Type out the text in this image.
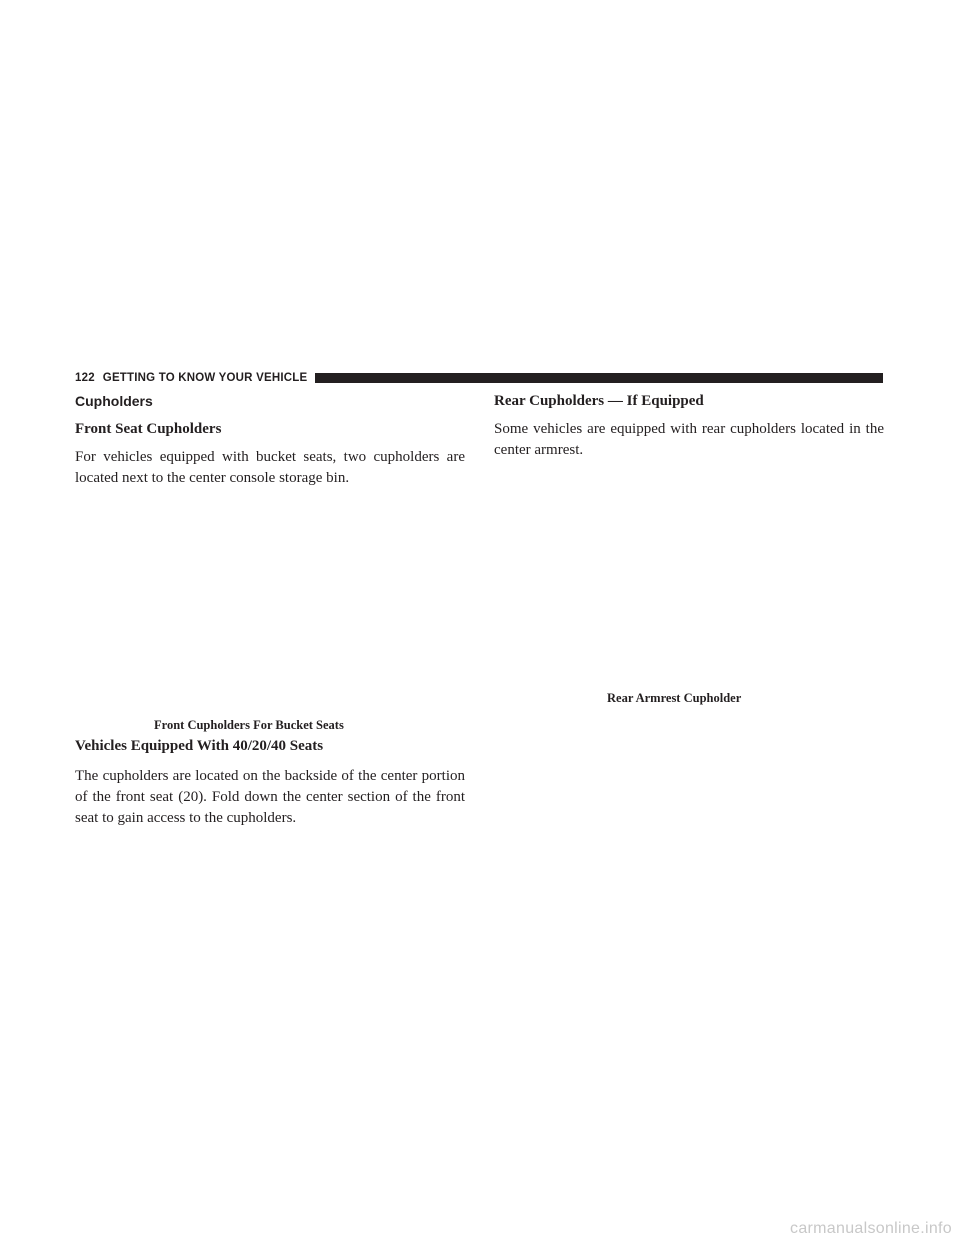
122 GETTING TO KNOW YOUR VEHICLE
Cupholders
Front Seat Cupholders

For vehicles equipped with bucket seats, two cupholders are located next to the center console storage bin.

Front Cupholders For Bucket Seats

Vehicles Equipped With 40/20/40 Seats

The cupholders are located on the backside of the center portion of the front seat (20). Fold down the center section of the front seat to gain access to the cupholders.

Rear Cupholders — If Equipped

Some vehicles are equipped with rear cupholders located in the center armrest.

Rear Armrest Cupholder

carmanualsonline.info
